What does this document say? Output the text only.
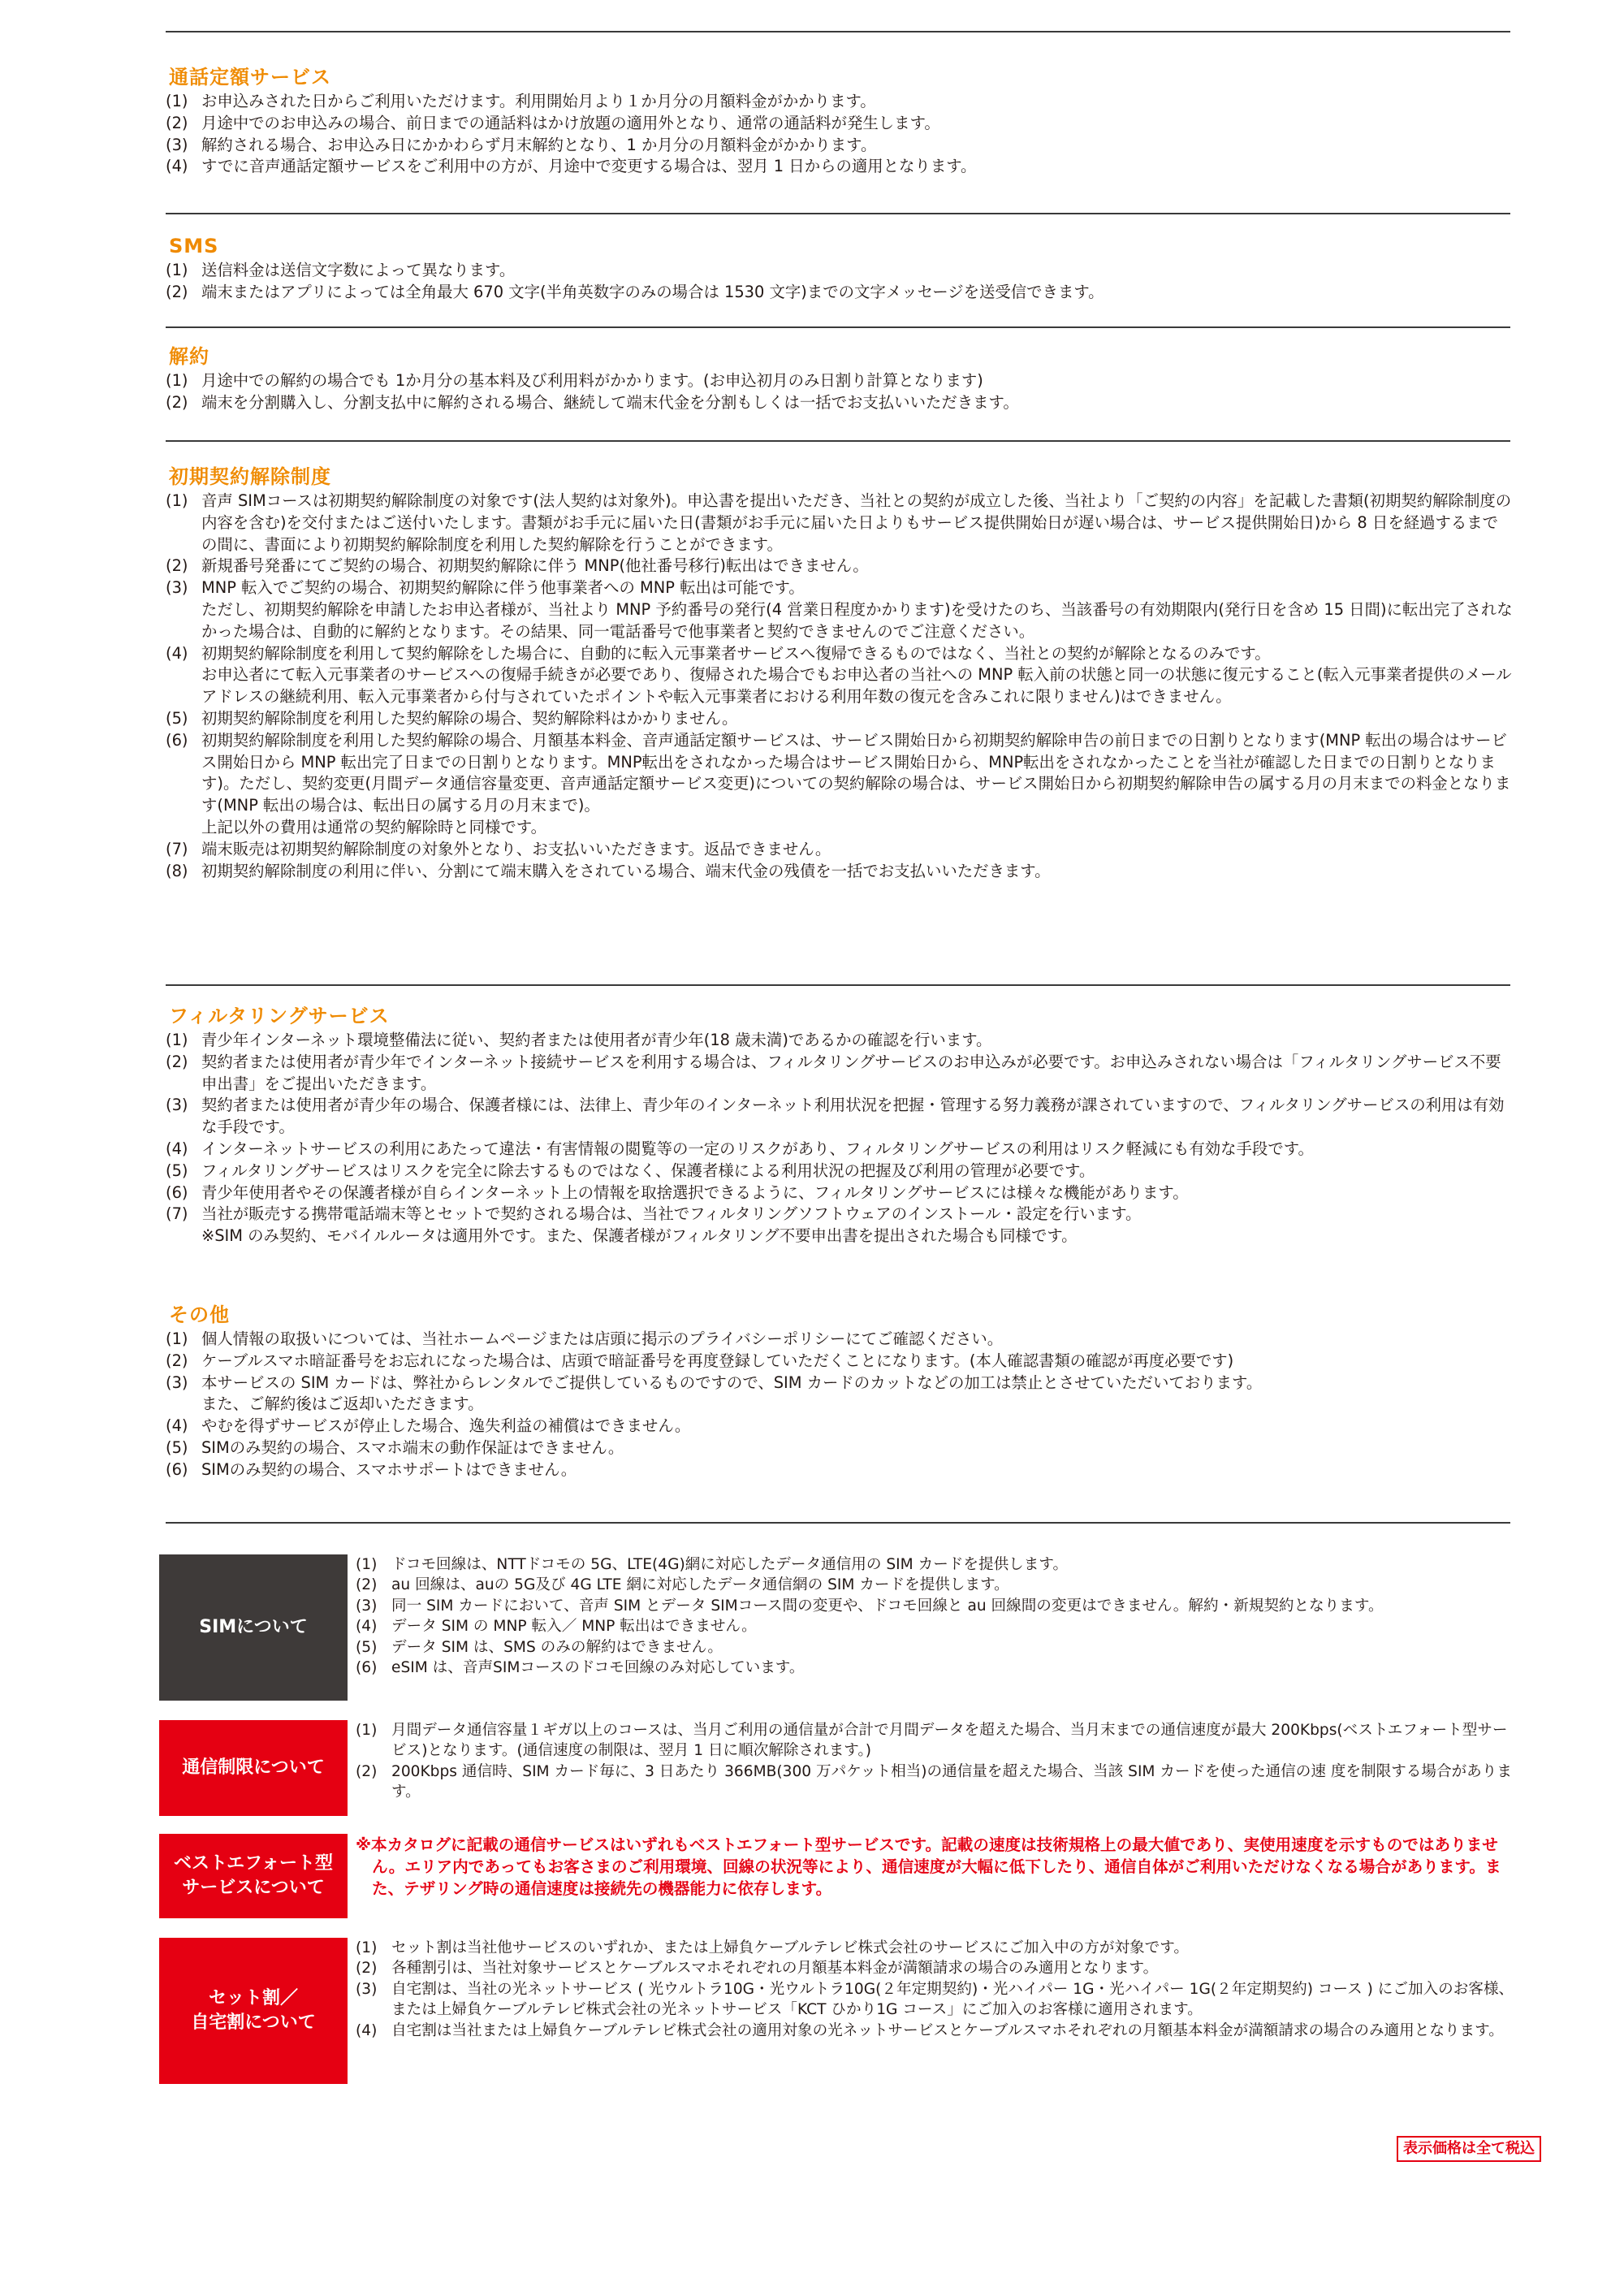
通話定額サービス
(1) お申込みされた日からご利用いただけます。利用開始月より１か月分の月額料金がかかります。
(2) 月途中でのお申込みの場合、前日までの通話料はかけ放題の適用外となり、通常の通話料が発生します。
(3) 解約される場合、お申込み日にかかわらず月末解約となり、1 か月分の月額料金がかかります。
(4) すでに音声通話定額サービスをご利用中の方が、月途中で変更する場合は、翌月 1 日からの適用となります。
SMS
(1) 送信料金は送信文字数によって異なります。
(2) 端末またはアプリによっては全角最大 670 文字(半角英数字のみの場合は 1530 文字)までの文字メッセージを送受信できます。
解約
(1) 月途中での解約の場合でも 1か月分の基本料及び利用料がかかります。(お申込初月のみ日割り計算となります)
(2) 端末を分割購入し、分割支払中に解約される場合、継続して端末代金を分割もしくは一括でお支払いいただきます。
初期契約解除制度
(1) 音声 SIMコースは初期契約解除制度の対象です(法人契約は対象外)。申込書を提出いただき、当社との契約が成立した後、当社より「ご契約の内容」を記載した書類(初期契約解除制度の内容を含む)を交付またはご送付いたします。書類がお手元に届いた日(書類がお手元に届いた日よりもサービス提供開始日が遅い場合は、サービス提供開始日)から 8 日を経過するまでの間に、書面により初期契約解除制度を利用した契約解除を行うことができます。
(2) 新規番号発番にてご契約の場合、初期契約解除に伴う MNP(他社番号移行)転出はできません。
(3) MNP 転入でご契約の場合、初期契約解除に伴う他事業者への MNP 転出は可能です。
ただし、初期契約解除を申請したお申込者様が、当社より MNP 予約番号の発行(4 営業日程度かかります)を受けたのち、当該番号の有効期限内(発行日を含め 15 日間)に転出完了されなかった場合は、自動的に解約となります。その結果、同一電話番号で他事業者と契約できませんのでご注意ください。
(4) 初期契約解除制度を利用して契約解除をした場合に、自動的に転入元事業者サービスへ復帰できるものではなく、当社との契約が解除となるのみです。
お申込者にて転入元事業者のサービスへの復帰手続きが必要であり、復帰された場合でもお申込者の当社への MNP 転入前の状態と同一の状態に復元すること(転入元事業者提供のメールアドレスの継続利用、転入元事業者から付与されていたポイントや転入元事業者における利用年数の復元を含みこれに限りません)はできません。
(5) 初期契約解除制度を利用した契約解除の場合、契約解除料はかかりません。
(6) 初期契約解除制度を利用した契約解除の場合、月額基本料金、音声通話定額サービスは、サービス開始日から初期契約解除申告の前日までの日割りとなります(MNP 転出の場合はサービス開始日から MNP 転出完了日までの日割りとなります。MNP転出をされなかった場合はサービス開始日から、MNP転出をされなかったことを当社が確認した日までの日割りとなります)。ただし、契約変更(月間データ通信容量変更、音声通話定額サービス変更)についての契約解除の場合は、サービス開始日から初期契約解除申告の属する月の月末までの料金となります(MNP 転出の場合は、転出日の属する月の月末まで)。
上記以外の費用は通常の契約解除時と同様です。
(7) 端末販売は初期契約解除制度の対象外となり、お支払いいただきます。返品できません。
(8) 初期契約解除制度の利用に伴い、分割にて端末購入をされている場合、端末代金の残債を一括でお支払いいただきます。
フィルタリングサービス
(1) 青少年インターネット環境整備法に従い、契約者または使用者が青少年(18 歳未満)であるかの確認を行います。
(2) 契約者または使用者が青少年でインターネット接続サービスを利用する場合は、フィルタリングサービスのお申込みが必要です。お申込みされない場合は「フィルタリングサービス不要申出書」をご提出いただきます。
(3) 契約者または使用者が青少年の場合、保護者様には、法律上、青少年のインターネット利用状況を把握・管理する努力義務が課されていますので、フィルタリングサービスの利用は有効な手段です。
(4) インターネットサービスの利用にあたって違法・有害情報の閲覧等の一定のリスクがあり、フィルタリングサービスの利用はリスク軽減にも有効な手段です。
(5) フィルタリングサービスはリスクを完全に除去するものではなく、保護者様による利用状況の把握及び利用の管理が必要です。
(6) 青少年使用者やその保護者様が自らインターネット上の情報を取捨選択できるように、フィルタリングサービスには様々な機能があります。
(7) 当社が販売する携帯電話端末等とセットで契約される場合は、当社でフィルタリングソフトウェアのインストール・設定を行います。
※SIM のみ契約、モバイルルータは適用外です。また、保護者様がフィルタリング不要申出書を提出された場合も同様です。
その他
(1) 個人情報の取扱いについては、当社ホームページまたは店頭に掲示のプライバシーポリシーにてご確認ください。
(2) ケーブルスマホ暗証番号をお忘れになった場合は、店頭で暗証番号を再度登録していただくことになります。(本人確認書類の確認が再度必要です)
(3) 本サービスの SIM カードは、弊社からレンタルでご提供しているものですので、SIM カードのカットなどの加工は禁止とさせていただいております。
また、ご解約後はご返却いただきます。
(4) やむを得ずサービスが停止した場合、逸失利益の補償はできません。
(5) SIMのみ契約の場合、スマホ端末の動作保証はできません。
(6) SIMのみ契約の場合、スマホサポートはできません。
SIMについて
(1) ドコモ回線は、NTTドコモの 5G、LTE(4G)網に対応したデータ通信用の SIM カードを提供します。
(2) au 回線は、auの 5G及び 4G LTE 網に対応したデータ通信網の SIM カードを提供します。
(3) 同一 SIM カードにおいて、音声 SIM とデータ SIMコース間の変更や、ドコモ回線と au 回線間の変更はできません。解約・新規契約となります。
(4) データ SIM の MNP 転入／ MNP 転出はできません。
(5) データ SIM は、SMS のみの解約はできません。
(6) eSIM は、音声SIMコースのドコモ回線のみ対応しています。
通信制限について
(1) 月間データ通信容量１ギガ以上のコースは、当月ご利用の通信量が合計で月間データを超えた場合、当月末までの通信速度が最大 200Kbps(ベストエフォート型サービス)となります。(通信速度の制限は、翌月 1 日に順次解除されます。)
(2) 200Kbps 通信時、SIM カード毎に、3 日あたり 366MB(300 万パケット相当)の通信量を超えた場合、当該 SIM カードを使った通信の速 度を制限する場合があります。
ベストエフォート型
サービスについて
※本カタログに記載の通信サービスはいずれもベストエフォート型サービスです。記載の速度は技術規格上の最大値であり、実使用速度を示すものではありません。エリア内であってもお客さまのご利用環境、回線の状況等により、通信速度が大幅に低下したり、通信自体がご利用いただけなくなる場合があります。また、テザリング時の通信速度は接続先の機器能力に依存します。
セット割／
自宅割について
(1) セット割は当社他サービスのいずれか、または上婦負ケーブルテレビ株式会社のサービスにご加入中の方が対象です。
(2) 各種割引は、当社対象サービスとケーブルスマホそれぞれの月額基本料金が満額請求の場合のみ適用となります。
(3) 自宅割は、当社の光ネットサービス ( 光ウルトラ10G・光ウルトラ10G(２年定期契約)・光ハイパー 1G・光ハイパー 1G(２年定期契約) コース ) にご加入のお客様、または上婦負ケーブルテレビ株式会社の光ネットサービス「KCT ひかり1G コース」にご加入のお客様に適用されます。
(4) 自宅割は当社または上婦負ケーブルテレビ株式会社の適用対象の光ネットサービスとケーブルスマホそれぞれの月額基本料金が満額請求の場合のみ適用となります。
表示価格は全て税込
